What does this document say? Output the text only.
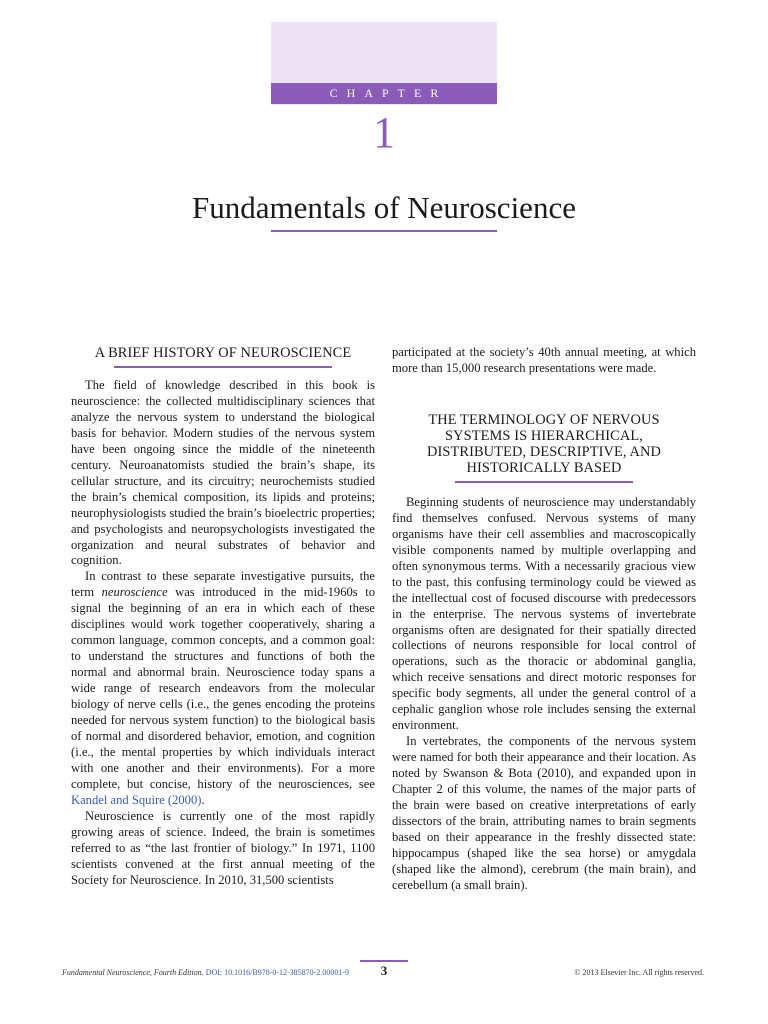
CHAPTER
1
Fundamentals of Neuroscience
A BRIEF HISTORY OF NEUROSCIENCE

The field of knowledge described in this book is neuroscience: the collected multidisciplinary sciences that analyze the nervous system to understand the biological basis for behavior. Modern studies of the nervous system have been ongoing since the middle of the nineteenth century. Neuroanatomists studied the brain’s shape, its cellular structure, and its circuitry; neurochemists studied the brain’s chemical composition, its lipids and proteins; neurophysiologists studied the brain’s bioelectric properties; and psychologists and neuropsychologists investigated the organization and neural substrates of behavior and cognition.

In contrast to these separate investigative pursuits, the term neuroscience was introduced in the mid-1960s to signal the beginning of an era in which each of these disciplines would work together cooperatively, sharing a common language, common concepts, and a common goal: to understand the structures and functions of both the normal and abnormal brain. Neuroscience today spans a wide range of research endeavors from the molecular biology of nerve cells (i.e., the genes encoding the proteins needed for nervous system function) to the biological basis of normal and disordered behavior, emotion, and cognition (i.e., the mental properties by which individuals interact with one another and their environments). For a more complete, but concise, history of the neurosciences, see Kandel and Squire (2000).

Neuroscience is currently one of the most rapidly growing areas of science. Indeed, the brain is sometimes referred to as “the last frontier of biology.” In 1971, 1100 scientists convened at the first annual meeting of the Society for Neuroscience. In 2010, 31,500 scientists

participated at the society’s 40th annual meeting, at which more than 15,000 research presentations were made.

THE TERMINOLOGY OF NERVOUS SYSTEMS IS HIERARCHICAL, DISTRIBUTED, DESCRIPTIVE, AND HISTORICALLY BASED

Beginning students of neuroscience may understandably find themselves confused. Nervous systems of many organisms have their cell assemblies and macroscopically visible components named by multiple overlapping and often synonymous terms. With a necessarily gracious view to the past, this confusing terminology could be viewed as the intellectual cost of focused discourse with predecessors in the enterprise. The nervous systems of invertebrate organisms often are designated for their spatially directed collections of neurons responsible for local control of operations, such as the thoracic or abdominal ganglia, which receive sensations and direct motoric responses for specific body segments, all under the general control of a cephalic ganglion whose role includes sensing the external environment.

In vertebrates, the components of the nervous system were named for both their appearance and their location. As noted by Swanson & Bota (2010), and expanded upon in Chapter 2 of this volume, the names of the major parts of the brain were based on creative interpretations of early dissectors of the brain, attributing names to brain segments based on their appearance in the freshly dissected state: hippocampus (shaped like the sea horse) or amygdala (shaped like the almond), cerebrum (the main brain), and cerebellum (a small brain).

Fundamental Neuroscience, Fourth Edition. DOI: 10.1016/B978-0-12-385870-2.00001-9	3	© 2013 Elsevier Inc. All rights reserved.
